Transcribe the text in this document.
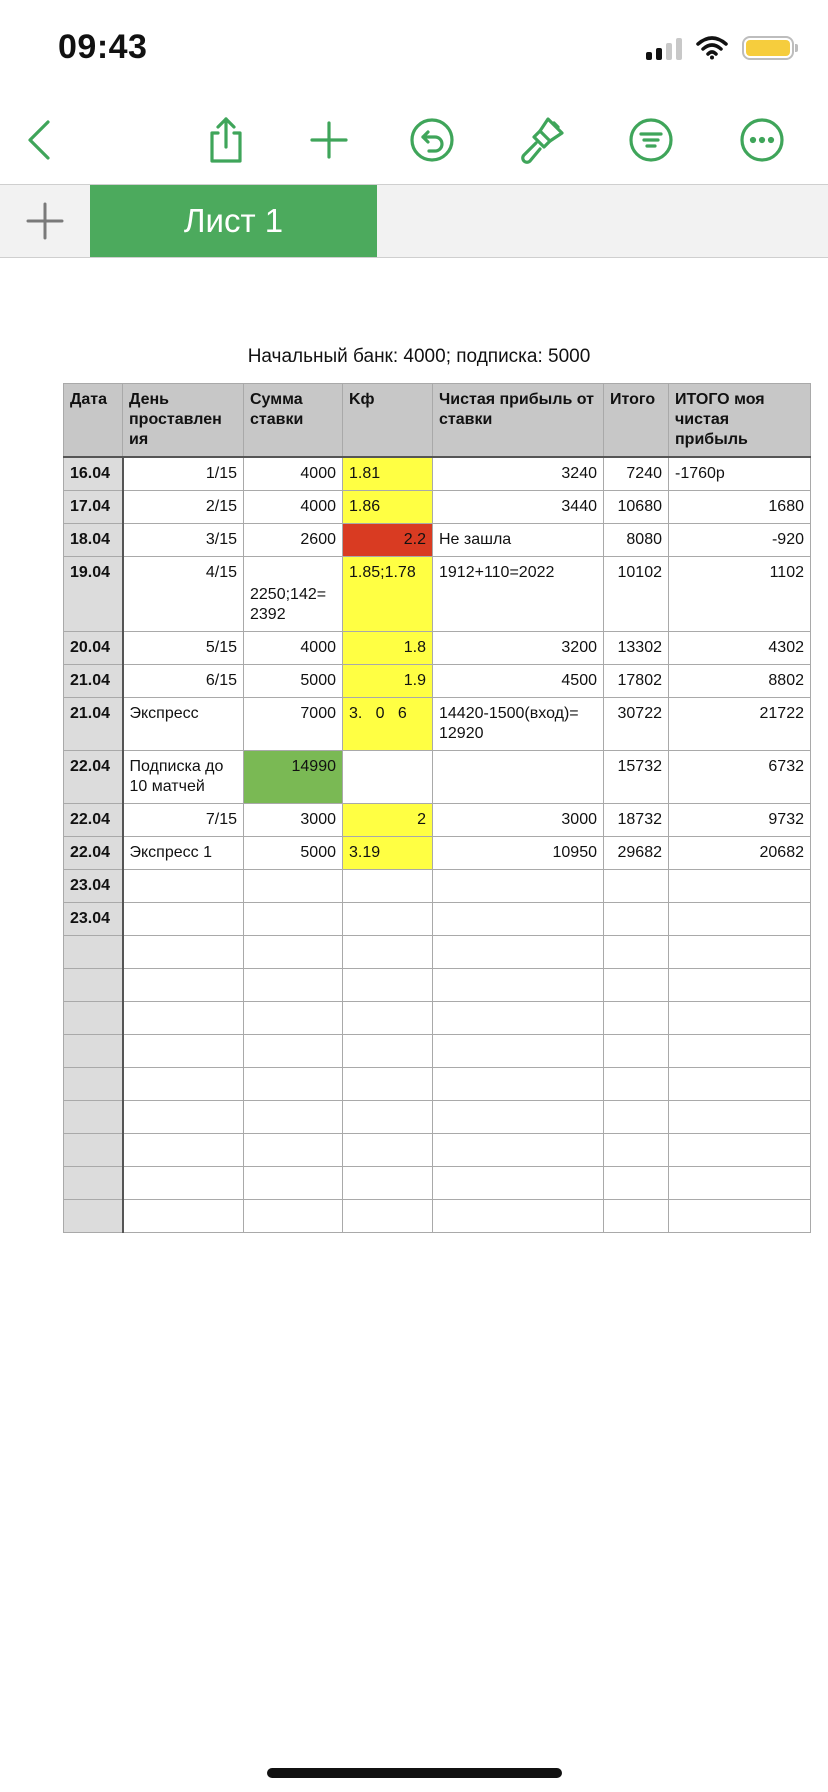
09:43
Лист 1
Начальный банк: 4000; подписка: 5000
Дата	День проставлен ия	Сумма ставки	Kф	Чистая прибыль от ставки	Итого	ИТОГО моя чистая прибыль
16.04	1/15	4000	1.81	3240	7240	-1760р
17.04	2/15	4000	1.86	3440	10680	1680
18.04	3/15	2600	2.2	Не зашла	8080	-920
19.04	4/15	2250;142= 2392	1.85;1.78	1912+110=2022	10102	1102
20.04	5/15	4000	1.8	3200	13302	4302
21.04	6/15	5000	1.9	4500	17802	8802
21.04	Экспресс	7000	3.   0   6	14420-1500(вход)= 12920	30722	21722
22.04	Подписка до 10 матчей	14990			15732	6732
22.04	7/15	3000	2	3000	18732	9732
22.04	Экспресс 1	5000	3.19	10950	29682	20682
23.04						
23.04						
